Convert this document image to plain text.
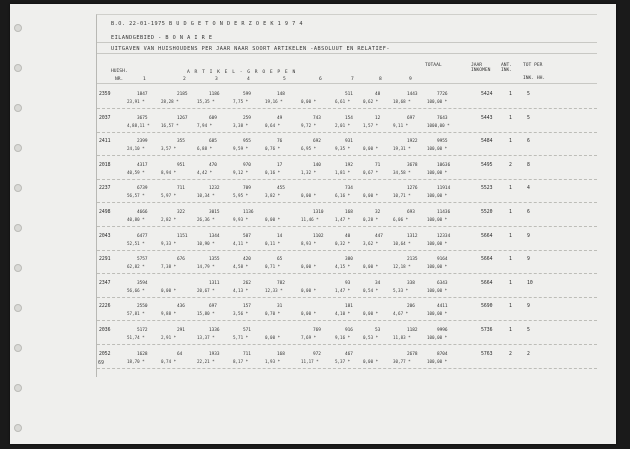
B.O. 22-01-1975 B U D G E T O N D E R Z O E K 1 9 7 4
EILANDGEBIED - B O N A I R E
UITGAVEN VAN HUISHOUDENS PER JAAR NAAR SOORT ARTIKELEN -ABSOLUUT EN RELATIEF-
HUISH.
NR.
A R T I K E L - G R O E P E N
TOTAAL	JAAR INKOMEN
ANT. INK.
TOT PER
INK. HH.
1	2	3	4	5	6	7	8	9
2359	1847	2185	1186	599	148	511	48	1443	7726
23,91 *	28,28 *	15,35 *	7,75 *	19,16 *	0,00 *	6,61 *	0,62 *	18,68 *	100,00 *
5424	1	5
2037	3675	1267	609	259	49	743	154	12	697	7643
4,88,11 *	16,57 *	7,94 *	3,38 *	0,64 *	9,72 *	2,01 *	1,57 *	9,11 *	1000,00 *
5443	1	5
2411	2399	355	685	955	76	692	931	1922	9955
24,10 *	3,57 *	6,88 *	9,59 *	0,76 *	6,95 *	9,35 *	0,00 *	19,31 *	100,00 *
5484	1	6
2018	4317	951	470	970	17	140	192	71	3678	10636
40,59 *	8,94 *	4,42 *	9,12 *	0,16 *	1,32 *	1,81 *	0,67 *	34,58 *	100,00 *
5495	2	8
2237	6739	711	1232	709	455	734	1276	11914
56,57 *	5,97 *	10,34 *	5,95 *	3,82 *	0,00 *	6,16 *	0,00 *	10,71 *	100,00 *
5523	1	4
2498	4666	322	3015	1136	1310	168	32	693	11436
40,80 *	2,82 *	26,36 *	9,93 *	0,00 *	11,46 *	1,47 *	0,28 *	6,06 *	100,00 *
5520	1	6
2043	6477	1151	1344	507	14	1102	40	447	1312	12334
52,51 *	9,33 *	10,90 *	4,11 *	0,11 *	8,93 *	0,32 *	3,62 *	10,64 *	100,00 *
5664	1	9
2291	5757	676	1355	420	65	380	2135	9164
62,82 *	7,38 *	14,79 *	4,58 *	0,71 *	0,00 *	4,15 *	0,00 *	12,18 *	100,00 *
5664	1	9
2347	3594	1311	262	782	93	34	338	6343
56,66 *	0,00 *	20,67 *	4,13 *	12,33 *	0,00 *	1,47 *	0,54 *	5,33 *	100,00 *
5664	1	10
2226	2550	436	697	157	31	181	206	4411
57,81 *	9,88 *	15,80 *	3,56 *	0,70 *	0,00 *	4,10 *	0,00 *	4,67 *	100,00 *
5690	1	9
2036	5172	291	1336	571	769	916	53	1182	9996
51,74 *	2,91 *	13,37 *	5,71 *	0,00 *	7,69 *	9,16 *	0,53 *	11,83 *	100,00 *
5736	1	5
2052	1628	64	1933	711	168	972	467	2678	8704
18,70 *	0,74 *	22,21 *	8,17 *	1,93 *	11,17 *	5,37 *	0,00 *	30,77 *	100,00 *
5763	2	2
69
